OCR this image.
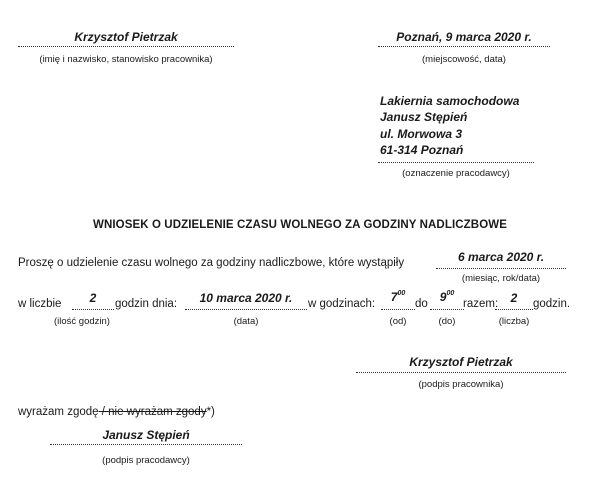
Krzysztof Pietrzak
(imię i nazwisko, stanowisko pracownika)
Poznań, 9 marca 2020 r.
(miejscowość, data)
Lakiernia samochodowa
Janusz Stępień
ul. Morwowa 3
61-314 Poznań
(oznaczenie pracodawcy)
WNIOSEK O UDZIELENIE CZASU WOLNEGO ZA GODZINY NADLICZBOWE
Proszę o udzielenie czasu wolnego za godziny nadliczbowe, które wystąpiły	6 marca 2020 r.
(miesiąc, rok/data)
w liczbie	2
(ilość godzin)
godzin dnia:	10 marca 2020 r.
(data)
w godzinach:	$7^{00}$
(od)
do $9^{00}$
(do)
razem:	2
(liczba)
godzin.
Krzysztof Pietrzak
(podpis pracownika)
wyrażam zgodę / nie wyrażam zgody*)
Janusz Stępień
(podpis pracodawcy)
